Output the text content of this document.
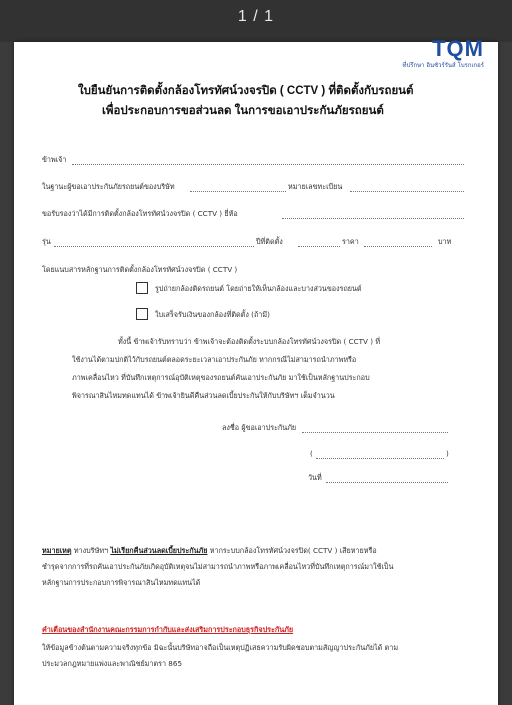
1 / 1
TQM
ที่ปรึกษา อินชัวร์รันส์ โบรกเกอร์
ใบยืนยันการติดตั้งกล้องโทรทัศน์วงจรปิด ( CCTV ) ที่ติดตั้งกับรถยนต์
เพื่อประกอบการขอส่วนลด ในการขอเอาประกันภัยรถยนต์
ข้าพเจ้า
ในฐานะผู้ขอเอาประกันภัยรถยนต์ของบริษัท	หมายเลขทะเบียน
ขอรับรองว่าได้มีการติดตั้งกล้องโทรทัศน์วงจรปิด ( CCTV ) ยี่ห้อ
รุ่น	ปีที่ติดตั้ง	ราคา	บาท
โดยแนบสารหลักฐานการติดตั้งกล้องโทรทัศน์วงจรปิด ( CCTV )
รูปถ่ายกล้องติดรถยนต์ โดยถ่ายให้เห็นกล้องและบางส่วนของรถยนต์
ใบเสร็จรับเงินของกล้องที่ติดตั้ง (ถ้ามี)
ทั้งนี้ ข้าพเจ้ารับทราบว่า ข้าพเจ้าจะต้องติดตั้งระบบกล้องโทรทัศน์วงจรปิด ( CCTV ) ที่
ใช้งานได้ตามปกติไว้กับรถยนต์ตลอดระยะเวลาเอาประกันภัย หากกรณีไม่สามารถนำภาพหรือ
ภาพเคลื่อนไหว ที่บันทึกเหตุการณ์อุบัติเหตุของรถยนต์คันเอาประกันภัย มาใช้เป็นหลักฐานประกอบ
พิจารณาสินไหมทดแทนได้ ข้าพเจ้ายินดีคืนส่วนลดเบี้ยประกันให้กับบริษัทฯ เต็มจำนวน
ลงชื่อ ผู้ขอเอาประกันภัย
(	)
วันที่
หมายเหตุ ทางบริษัทฯ ไม่เรียกคืนส่วนลดเบี้ยประกันภัย หากระบบกล้องโทรทัศน์วงจรปิด( CCTV ) เสียหายหรือ
ชำรุดจากการที่รถคันเอาประกันภัยเกิดอุบัติเหตุจนไม่สามารถนำภาพหรือภาพเคลื่อนไหวที่บันทึกเหตุการณ์มาใช้เป็น
หลักฐานการประกอบการพิจารณาสินไหมทดแทนได้
คำเตือนของสำนักงานคณะกรรมการกำกับและส่งเสริมการประกอบธุรกิจประกันภัย
ให้ข้อมูลข้างต้นตามความจริงทุกข้อ มิฉะนั้นบริษัทอาจถือเป็นเหตุปฏิเสธความรับผิดชอบตามสัญญาประกันภัยได้ ตาม
ประมวลกฎหมายแพ่งและพาณิชย์มาตรา 865
